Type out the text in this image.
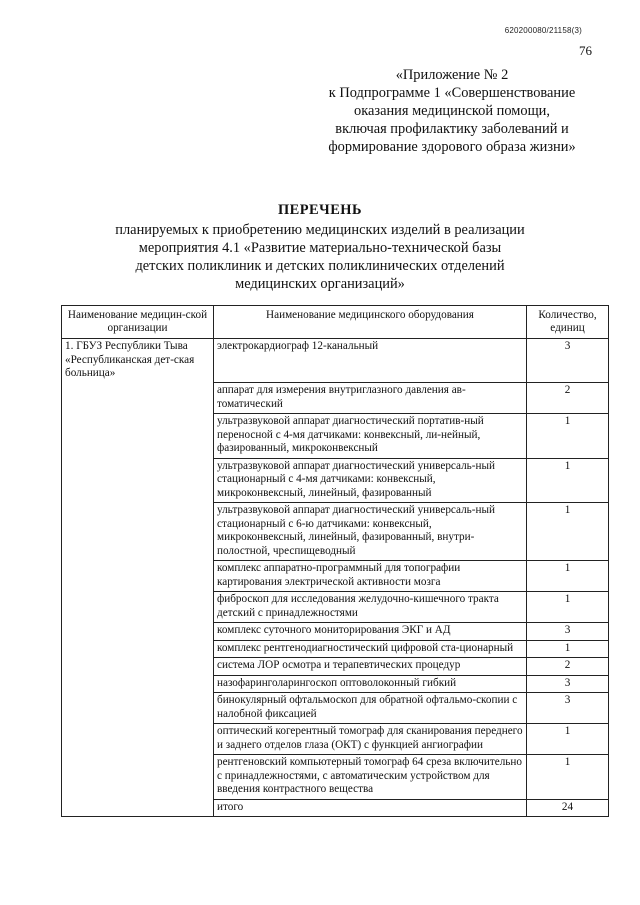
620200080/21158(3)
76
«Приложение № 2
к Подпрограмме 1 «Совершенствование
оказания медицинской помощи,
включая профилактику заболеваний и
формирование здорового образа жизни»
ПЕРЕЧЕНЬ
планируемых к приобретению медицинских изделий в реализации
мероприятия 4.1 «Развитие материально-технической базы
детских поликлиник и детских поликлинических отделений
медицинских организаций»
Наименование медицин-ской организации	Наименование медицинского оборудования	Количество, единиц
1. ГБУЗ Республики Тыва «Республиканская дет-ская больница»	электрокардиограф 12-канальный	3
	аппарат для измерения внутриглазного давления ав-томатический	2
	ультразвуковой аппарат диагностический портатив-ный переносной с 4-мя датчиками: конвексный, ли-нейный, фазированный, микроконвексный	1
	ультразвуковой аппарат диагностический универсаль-ный стационарный с 4-мя датчиками: конвексный, микроконвексный, линейный, фазированный	1
	ультразвуковой аппарат диагностический универсаль-ный стационарный с 6-ю датчиками: конвексный, микроконвексный, линейный, фазированный, внутри-полостной, чреспищеводный	1
	комплекс аппаратно-программный для топографии картирования электрической активности мозга	1
	фиброскоп для исследования желудочно-кишечного тракта детский с принадлежностями	1
	комплекс суточного мониторирования ЭКГ и АД	3
	комплекс рентгенодиагностический цифровой ста-ционарный	1
	система ЛОР осмотра и терапевтических процедур	2
	назофаринголарингоскоп оптоволоконный гибкий	3
	бинокулярный офтальмоскоп для обратной офтальмо-скопии с налобной фиксацией	3
	оптический когерентный томограф для сканирования переднего и заднего отделов глаза (ОКТ) с функцией ангиографии	1
	рентгеновский компьютерный томограф 64 среза включительно с принадлежностями, с автоматическим устройством для введения контрастного вещества	1
	итого	24
